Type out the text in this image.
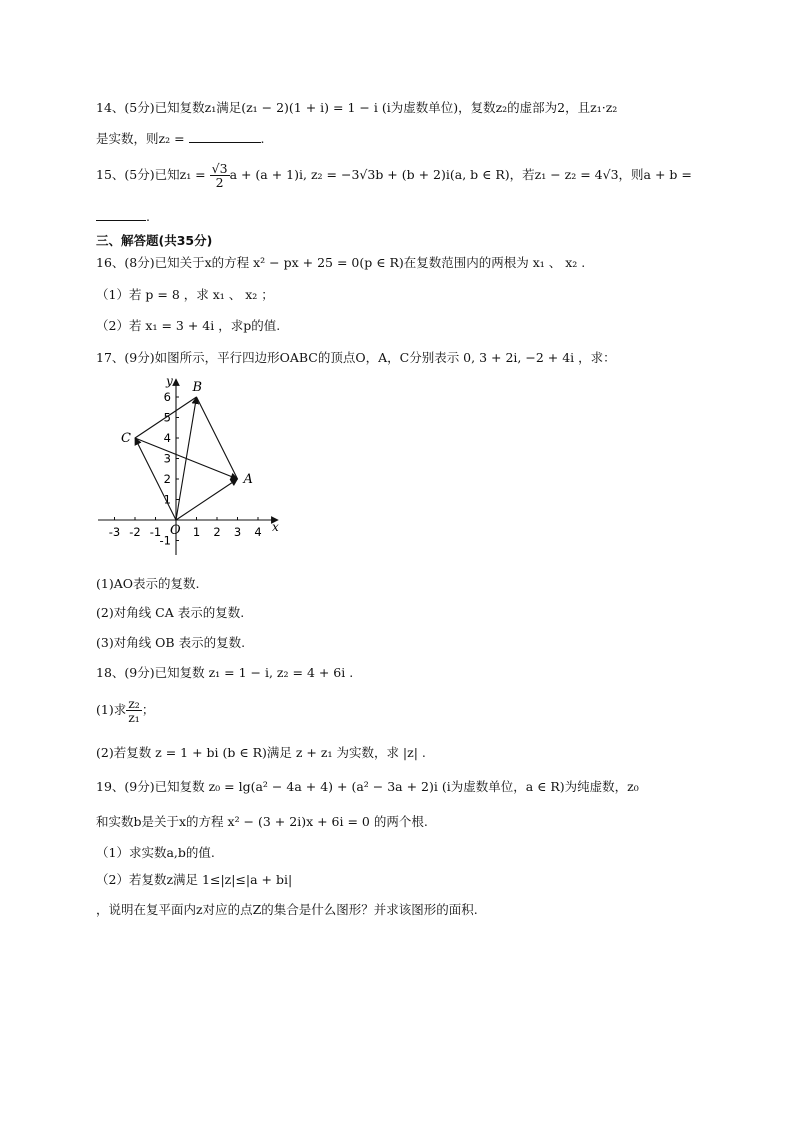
14、(5分)已知复数z₁满足(z₁ − 2)(1 + i) = 1 − i (i为虚数单位)，复数z₂的虚部为2，且z₁·z₂
是实数，则z₂ =	.
15、(5分)已知$z_1 = \frac{√3}{2}$ a + (a + 1)i, z₂ = −3√3b + (b + 2)i(a, b ∈ R)，若z₁ − z₂ = 4√3，则a + b =
.
三、解答题(共35分)
16、(8分)已知关于x的方程 x² − px + 25 = 0(p ∈ R)在复数范围内的两根为 x₁ 、 x₂ .
（1）若 p = 8 ，求 x₁ 、 x₂ ；
（2）若 x₁ = 3 + 4i ，求p的值.
17、(9分)如图所示，平行四边形OABC的顶点O，A，C分别表示 0, 3 + 2i, −2 + 4i ，求：
y
x
-3 -2 -1	1 2 3 4
1
2
3
4
5
6
-1
A
B
C
O
(1)AO表示的复数.
(2)对角线 CA 表示的复数.
(3)对角线 OB 表示的复数.
18、(9分)已知复数 z₁ = 1 − i, z₂ = 4 + 6i .
(1)求 $\frac{\text{z₂}}{\text{z₁}}$ ；
(2)若复数 z = 1 + bi (b ∈ R)满足 z + z₁ 为实数，求 |z| .
19、(9分)已知复数 z₀ = lg(a² − 4a + 4) + (a² − 3a + 2)i (i为虚数单位，a ∈ R)为纯虚数，z₀
和实数b是关于x的方程 x² − (3 + 2i)x + 6i = 0 的两个根.
（1）求实数a,b的值.
（2）若复数z满足 1≤|z|≤|a + bi|
，说明在复平面内z对应的点Z的集合是什么图形？并求该图形的面积.
